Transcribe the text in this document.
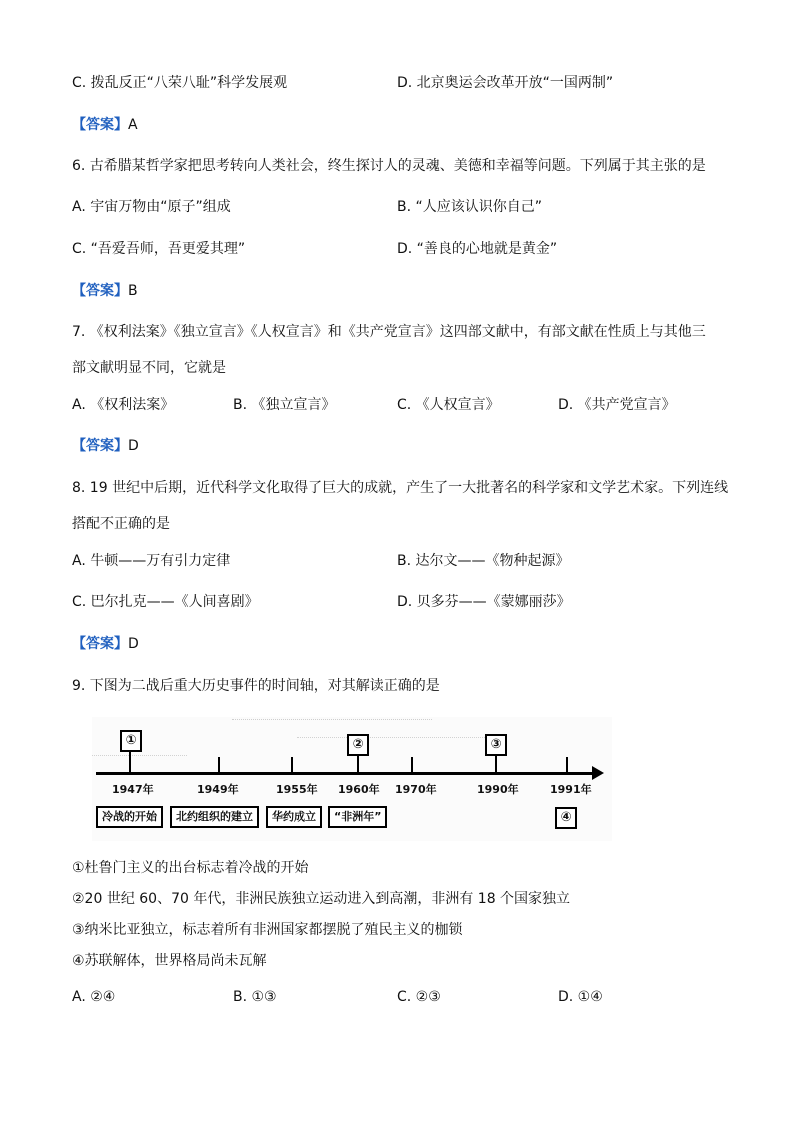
C. 拨乱反正“八荣八耻”科学发展观	D. 北京奥运会改革开放“一国两制”
【答案】A
6. 古希腊某哲学家把思考转向人类社会，终生探讨人的灵魂、美德和幸福等问题。下列属于其主张的是
A. 宇宙万物由“原子”组成	B. “人应该认识你自己”
C. “吾爱吾师，吾更爱其理”	D. “善良的心地就是黄金”
【答案】B
7. 《权利法案》《独立宣言》《人权宣言》和《共产党宣言》这四部文献中，有部文献在性质上与其他三
部文献明显不同，它就是
A. 《权利法案》	B. 《独立宣言》	C. 《人权宣言》	D. 《共产党宣言》
【答案】D
8. 19 世纪中后期，近代科学文化取得了巨大的成就，产生了一大批著名的科学家和文学艺术家。下列连线
搭配不正确的是
A. 牛顿——万有引力定律	B. 达尔文——《物种起源》
C. 巴尔扎克——《人间喜剧》	D. 贝多芬——《蒙娜丽莎》
【答案】D
9. 下图为二战后重大历史事件的时间轴，对其解读正确的是
1947年	1949年	1955年 1960年 1970年	1990年	1991年
①	②	③
④
冷战的开始	北约组织的建立	华约成立	“非洲年”
①杜鲁门主义的出台标志着冷战的开始
②20 世纪 60、70 年代，非洲民族独立运动进入到高潮，非洲有 18 个国家独立
③纳米比亚独立，标志着所有非洲国家都摆脱了殖民主义的枷锁
④苏联解体，世界格局尚未瓦解
A. ②④	B. ①③	C. ②③	D. ①④
